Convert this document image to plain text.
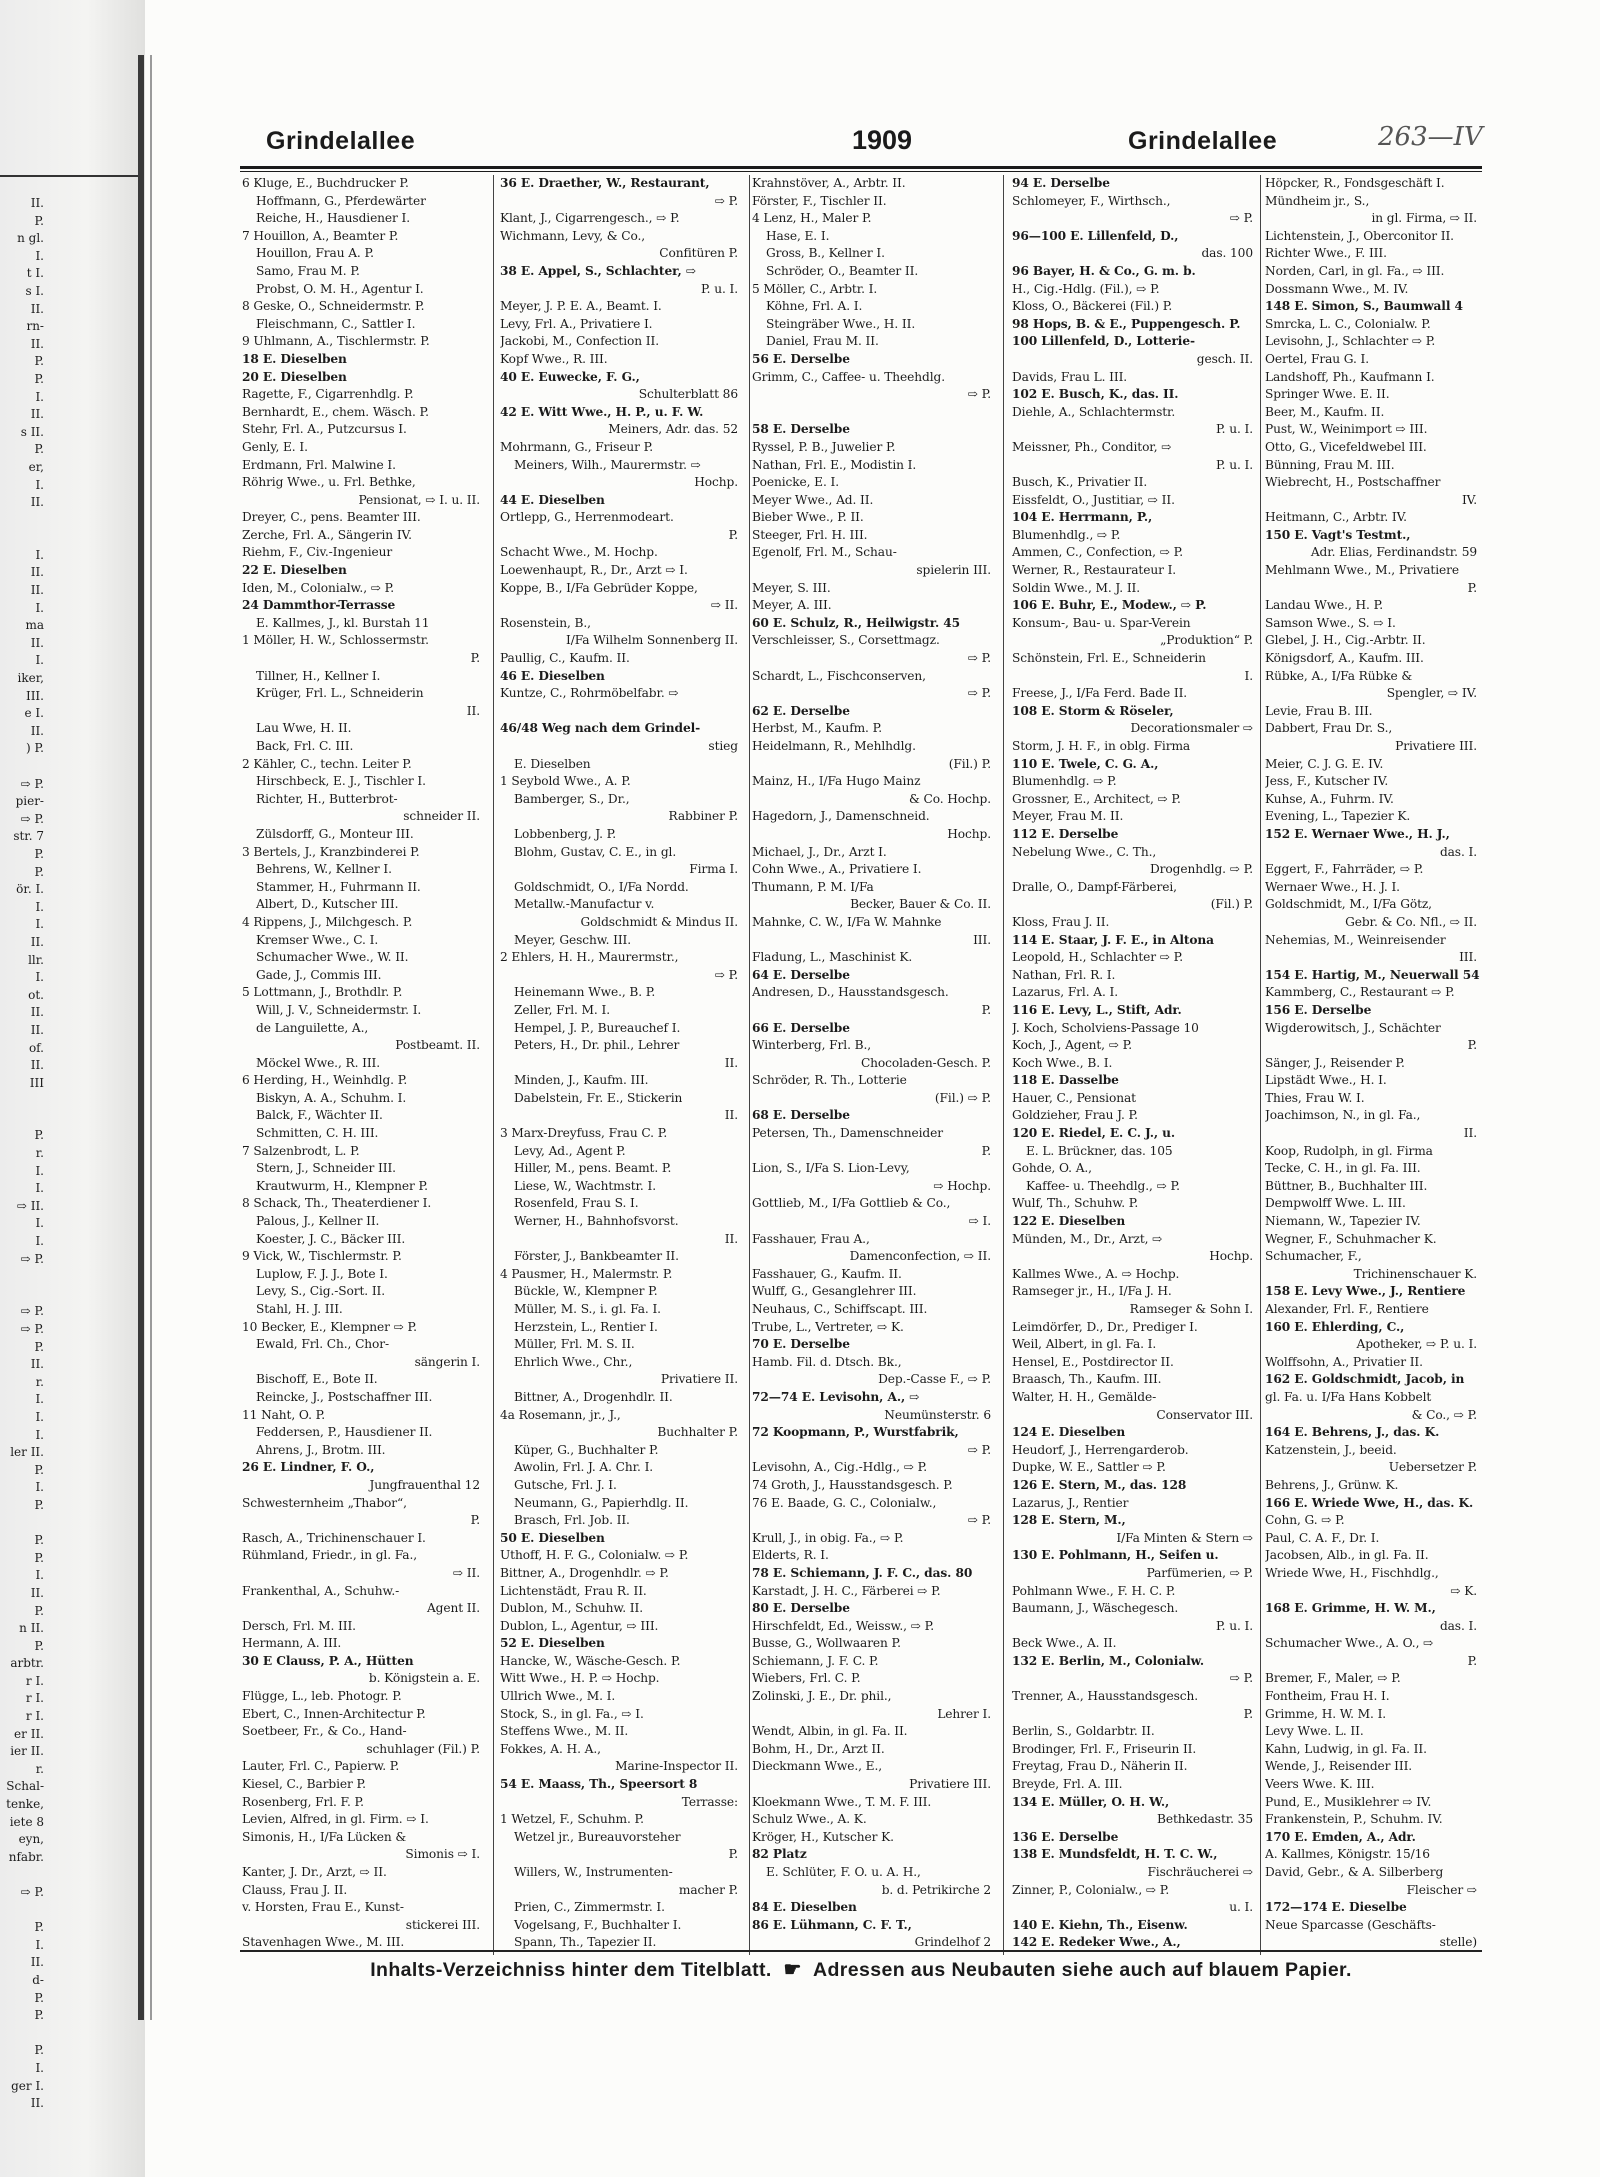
II.
P.
n gl.
I.
t I.
s I.
II.
rn-
II.
P.
P.
I.
II.
s II.
P.
er,
I.
II.
I.
II.
II.
I.
ma
II.
I.
iker,
III.
e I.
II.
) P.
⇨ P.
pier-
⇨ P.
str. 7
P.
P.
ör. I.
I.
I.
II.
llr.
I.
ot.
II.
II.
of.
II.
III
P.
r.
I.
I.
⇨ II.
I.
I.
⇨ P.
⇨ P.
⇨ P.
P.
II.
r.
I.
I.
I.
ler II.
P.
I.
P.
P.
P.
I.
II.
P.
n II.
P.
arbtr.
r I.
r I.
r I.
er II.
ier II.
r.
Schal-
tenke,
iete 8
eyn,
nfabr.
⇨ P.
P.
I.
II.
d-
P.
P.
P.
I.
ger I.
II.
Grindelallee	1909	Grindelallee	263—IV
6 Kluge, E., Buchdrucker P.
Hoffmann, G., Pferdewärter
Reiche, H., Hausdiener I.
7 Houillon, A., Beamter P.
Houillon, Frau A. P.
Samo, Frau M. P.
Probst, O. M. H., Agentur I.
8 Geske, O., Schneidermstr. P.
Fleischmann, C., Sattler I.
9 Uhlmann, A., Tischlermstr. P.
18 E. Dieselben
20 E. Dieselben
Ragette, F., Cigarrenhdlg. P.
Bernhardt, E., chem. Wäsch. P.
Stehr, Frl. A., Putzcursus I.
Genly, E. I.
Erdmann, Frl. Malwine I.
Röhrig Wwe., u. Frl. Bethke,
Pensionat, ⇨ I. u. II.
Dreyer, C., pens. Beamter III.
Zerche, Frl. A., Sängerin IV.
Riehm, F., Civ.-Ingenieur
22 E. Dieselben
Iden, M., Colonialw., ⇨ P.
24 Dammthor-Terrasse
E. Kallmes, J., kl. Burstah 11
1 Möller, H. W., Schlossermstr.
P.
Tillner, H., Kellner I.
Krüger, Frl. L., Schneiderin
II.
Lau Wwe, H. II.
Back, Frl. C. III.
2 Kähler, C., techn. Leiter P.
Hirschbeck, E. J., Tischler I.
Richter, H., Butterbrot-
schneider II.
Zülsdorff, G., Monteur III.
3 Bertels, J., Kranzbinderei P.
Behrens, W., Kellner I.
Stammer, H., Fuhrmann II.
Albert, D., Kutscher III.
4 Rippens, J., Milchgesch. P.
Kremser Wwe., C. I.
Schumacher Wwe., W. II.
Gade, J., Commis III.
5 Lottmann, J., Brothdlr. P.
Will, J. V., Schneidermstr. I.
de Languilette, A.,
Postbeamt. II.
Möckel Wwe., R. III.
6 Herding, H., Weinhdlg. P.
Biskyn, A. A., Schuhm. I.
Balck, F., Wächter II.
Schmitten, C. H. III.
7 Salzenbrodt, L. P.
Stern, J., Schneider III.
Krautwurm, H., Klempner P.
8 Schack, Th., Theaterdiener I.
Palous, J., Kellner II.
Koester, J. C., Bäcker III.
9 Vick, W., Tischlermstr. P.
Luplow, F. J. J., Bote I.
Levy, S., Cig.-Sort. II.
Stahl, H. J. III.
10 Becker, E., Klempner ⇨ P.
Ewald, Frl. Ch., Chor-
sängerin I.
Bischoff, E., Bote II.
Reincke, J., Postschaffner III.
11 Naht, O. P.
Feddersen, P., Hausdiener II.
Ahrens, J., Brotm. III.
26 E. Lindner, F. O.,
Jungfrauenthal 12
Schwesternheim „Thabor“,
P.
Rasch, A., Trichinenschauer I.
Rühmland, Friedr., in gl. Fa.,
⇨ II.
Frankenthal, A., Schuhw.-
Agent II.
Dersch, Frl. M. III.
Hermann, A. III.
30 E Clauss, P. A., Hütten
b. Königstein a. E.
Flügge, L., leb. Photogr. P.
Ebert, C., Innen-Architectur P.
Soetbeer, Fr., & Co., Hand-
schuhlager (Fil.) P.
Lauter, Frl. C., Papierw. P.
Kiesel, C., Barbier P.
Rosenberg, Frl. F. P.
Levien, Alfred, in gl. Firm. ⇨ I.
Simonis, H., I/Fa Lücken &
Simonis ⇨ I.
Kanter, J. Dr., Arzt, ⇨ II.
Clauss, Frau J. II.
v. Horsten, Frau E., Kunst-
stickerei III.
Stavenhagen Wwe., M. III.
36 E. Draether, W., Restaurant,
⇨ P.
Klant, J., Cigarrengesch., ⇨ P.
Wichmann, Levy, & Co.,
Confitüren P.
38 E. Appel, S., Schlachter, ⇨
P. u. I.
Meyer, J. P. E. A., Beamt. I.
Levy, Frl. A., Privatiere I.
Jackobi, M., Confection II.
Kopf Wwe., R. III.
40 E. Euwecke, F. G.,
Schulterblatt 86
42 E. Witt Wwe., H. P., u. F. W.
Meiners, Adr. das. 52
Mohrmann, G., Friseur P.
Meiners, Wilh., Maurermstr. ⇨
Hochp.
44 E. Dieselben
Ortlepp, G., Herrenmodeart.
P.
Schacht Wwe., M. Hochp.
Loewenhaupt, R., Dr., Arzt ⇨ I.
Koppe, B., I/Fa Gebrüder Koppe,
⇨ II.
Rosenstein, B.,
I/Fa Wilhelm Sonnenberg II.
Paullig, C., Kaufm. II.
46 E. Dieselben
Kuntze, C., Rohrmöbelfabr. ⇨
46/48 Weg nach dem Grindel-
stieg
E. Dieselben
1 Seybold Wwe., A. P.
Bamberger, S., Dr.,
Rabbiner P.
Lobbenberg, J. P.
Blohm, Gustav, C. E., in gl.
Firma I.
Goldschmidt, O., I/Fa Nordd.
Metallw.-Manufactur v.
Goldschmidt & Mindus II.
Meyer, Geschw. III.
2 Ehlers, H. H., Maurermstr.,
⇨ P.
Heinemann Wwe., B. P.
Zeller, Frl. M. I.
Hempel, J. P., Bureauchef I.
Peters, H., Dr. phil., Lehrer
II.
Minden, J., Kaufm. III.
Dabelstein, Fr. E., Stickerin
II.
3 Marx-Dreyfuss, Frau C. P.
Levy, Ad., Agent P.
Hiller, M., pens. Beamt. P.
Liese, W., Wachtmstr. I.
Rosenfeld, Frau S. I.
Werner, H., Bahnhofsvorst.
II.
Förster, J., Bankbeamter II.
4 Pausmer, H., Malermstr. P.
Bückle, W., Klempner P.
Müller, M. S., i. gl. Fa. I.
Herzstein, L., Rentier I.
Müller, Frl. M. S. II.
Ehrlich Wwe., Chr.,
Privatiere II.
Bittner, A., Drogenhdlr. II.
4a Rosemann, jr., J.,
Buchhalter P.
Küper, G., Buchhalter P.
Awolin, Frl. J. A. Chr. I.
Gutsche, Frl. J. I.
Neumann, G., Papierhdlg. II.
Brasch, Frl. Job. II.
50 E. Dieselben
Uthoff, H. F. G., Colonialw. ⇨ P.
Bittner, A., Drogenhdlr. ⇨ P.
Lichtenstädt, Frau R. II.
Dublon, M., Schuhw. II.
Dublon, L., Agentur, ⇨ III.
52 E. Dieselben
Hancke, W., Wäsche-Gesch. P.
Witt Wwe., H. P. ⇨ Hochp.
Ullrich Wwe., M. I.
Stock, S., in gl. Fa., ⇨ I.
Steffens Wwe., M. II.
Fokkes, A. H. A.,
Marine-Inspector II.
54 E. Maass, Th., Speersort 8
Terrasse:
1 Wetzel, F., Schuhm. P.
Wetzel jr., Bureauvorsteher
P.
Willers, W., Instrumenten-
macher P.
Prien, C., Zimmermstr. I.
Vogelsang, F., Buchhalter I.
Spann, Th., Tapezier II.
Krahnstöver, A., Arbtr. II.
Förster, F., Tischler II.
4 Lenz, H., Maler P.
Hase, E. I.
Gross, B., Kellner I.
Schröder, O., Beamter II.
5 Möller, C., Arbtr. I.
Köhne, Frl. A. I.
Steingräber Wwe., H. II.
Daniel, Frau M. II.
56 E. Derselbe
Grimm, C., Caffee- u. Theehdlg.
⇨ P.
58 E. Derselbe
Ryssel, P. B., Juwelier P.
Nathan, Frl. E., Modistin I.
Poenicke, E. I.
Meyer Wwe., Ad. II.
Bieber Wwe., P. II.
Steeger, Frl. H. III.
Egenolf, Frl. M., Schau-
spielerin III.
Meyer, S. III.
Meyer, A. III.
60 E. Schulz, R., Heilwigstr. 45
Verschleisser, S., Corsettmagz.
⇨ P.
Schardt, L., Fischconserven,
⇨ P.
62 E. Derselbe
Herbst, M., Kaufm. P.
Heidelmann, R., Mehlhdlg.
(Fil.) P.
Mainz, H., I/Fa Hugo Mainz
& Co. Hochp.
Hagedorn, J., Damenschneid.
Hochp.
Michael, J., Dr., Arzt I.
Cohn Wwe., A., Privatiere I.
Thumann, P. M. I/Fa
Becker, Bauer & Co. II.
Mahnke, C. W., I/Fa W. Mahnke
III.
Fladung, L., Maschinist K.
64 E. Derselbe
Andresen, D., Hausstandsgesch.
P.
66 E. Derselbe
Winterberg, Frl. B.,
Chocoladen-Gesch. P.
Schröder, R. Th., Lotterie
(Fil.) ⇨ P.
68 E. Derselbe
Petersen, Th., Damenschneider
P.
Lion, S., I/Fa S. Lion-Levy,
⇨ Hochp.
Gottlieb, M., I/Fa Gottlieb & Co.,
⇨ I.
Fasshauer, Frau A.,
Damenconfection, ⇨ II.
Fasshauer, G., Kaufm. II.
Wulff, G., Gesanglehrer III.
Neuhaus, C., Schiffscapt. III.
Trube, L., Vertreter, ⇨ K.
70 E. Derselbe
Hamb. Fil. d. Dtsch. Bk.,
Dep.-Casse F., ⇨ P.
72—74 E. Levisohn, A., ⇨
Neumünsterstr. 6
72 Koopmann, P., Wurstfabrik,
⇨ P.
Levisohn, A., Cig.-Hdlg., ⇨ P.
74 Groth, J., Hausstandsgesch. P.
76 E. Baade, G. C., Colonialw.,
⇨ P.
Krull, J., in obig. Fa., ⇨ P.
Elderts, R. I.
78 E. Schiemann, J. F. C., das. 80
Karstadt, J. H. C., Färberei ⇨ P.
80 E. Derselbe
Hirschfeldt, Ed., Weissw., ⇨ P.
Busse, G., Wollwaaren P.
Schiemann, J. F. C. P.
Wiebers, Frl. C. P.
Zolinski, J. E., Dr. phil.,
Lehrer I.
Wendt, Albin, in gl. Fa. II.
Bohm, H., Dr., Arzt II.
Dieckmann Wwe., E.,
Privatiere III.
Kloekmann Wwe., T. M. F. III.
Schulz Wwe., A. K.
Kröger, H., Kutscher K.
82 Platz
E. Schlüter, F. O. u. A. H.,
b. d. Petrikirche 2
84 E. Dieselben
86 E. Lühmann, C. F. T.,
Grindelhof 2
94 E. Derselbe
Schlomeyer, F., Wirthsch.,
⇨ P.
96—100 E. Lillenfeld, D.,
das. 100
96 Bayer, H. & Co., G. m. b.
H., Cig.-Hdlg. (Fil.), ⇨ P.
Kloss, O., Bäckerei (Fil.) P.
98 Hops, B. & E., Puppengesch. P.
100 Lillenfeld, D., Lotterie-
gesch. II.
Davids, Frau L. III.
102 E. Busch, K., das. II.
Diehle, A., Schlachtermstr.
P. u. I.
Meissner, Ph., Conditor, ⇨
P. u. I.
Busch, K., Privatier II.
Eissfeldt, O., Justitiar, ⇨ II.
104 E. Herrmann, P.,
Blumenhdlg., ⇨ P.
Ammen, C., Confection, ⇨ P.
Werner, R., Restaurateur I.
Soldin Wwe., M. J. II.
106 E. Buhr, E., Modew., ⇨ P.
Konsum-, Bau- u. Spar-Verein
„Produktion“ P.
Schönstein, Frl. E., Schneiderin
I.
Freese, J., I/Fa Ferd. Bade II.
108 E. Storm & Röseler,
Decorationsmaler ⇨
Storm, J. H. F., in oblg. Firma
110 E. Twele, C. G. A.,
Blumenhdlg. ⇨ P.
Grossner, E., Architect, ⇨ P.
Meyer, Frau M. II.
112 E. Derselbe
Nebelung Wwe., C. Th.,
Drogenhdlg. ⇨ P.
Dralle, O., Dampf-Färberei,
(Fil.) P.
Kloss, Frau J. II.
114 E. Staar, J. F. E., in Altona
Leopold, H., Schlachter ⇨ P.
Nathan, Frl. R. I.
Lazarus, Frl. A. I.
116 E. Levy, L., Stift, Adr.
J. Koch, Scholviens-Passage 10
Koch, J., Agent, ⇨ P.
Koch Wwe., B. I.
118 E. Dasselbe
Hauer, C., Pensionat
Goldzieher, Frau J. P.
120 E. Riedel, E. C. J., u.
E. L. Brückner, das. 105
Gohde, O. A.,
Kaffee- u. Theehdlg., ⇨ P.
Wulf, Th., Schuhw. P.
122 E. Dieselben
Münden, M., Dr., Arzt, ⇨
Hochp.
Kallmes Wwe., A. ⇨ Hochp.
Ramseger jr., H., I/Fa J. H.
Ramseger & Sohn I.
Leimdörfer, D., Dr., Prediger I.
Weil, Albert, in gl. Fa. I.
Hensel, E., Postdirector II.
Braasch, Th., Kaufm. III.
Walter, H. H., Gemälde-
Conservator III.
124 E. Dieselben
Heudorf, J., Herrengarderob.
Dupke, W. E., Sattler ⇨ P.
126 E. Stern, M., das. 128
Lazarus, J., Rentier
128 E. Stern, M.,
I/Fa Minten & Stern ⇨
130 E. Pohlmann, H., Seifen u.
Parfümerien, ⇨ P.
Pohlmann Wwe., F. H. C. P.
Baumann, J., Wäschegesch.
P. u. I.
Beck Wwe., A. II.
132 E. Berlin, M., Colonialw.
⇨ P.
Trenner, A., Hausstandsgesch.
P.
Berlin, S., Goldarbtr. II.
Brodinger, Frl. F., Friseurin II.
Freytag, Frau D., Näherin II.
Breyde, Frl. A. III.
134 E. Müller, O. H. W.,
Bethkedastr. 35
136 E. Derselbe
138 E. Mundsfeldt, H. T. C. W.,
Fischräucherei ⇨
Zinner, P., Colonialw., ⇨ P.
u. I.
140 E. Kiehn, Th., Eisenw.
142 E. Redeker Wwe., A.,
Höpcker, R., Fondsgeschäft I.
Mündheim jr., S.,
in gl. Firma, ⇨ II.
Lichtenstein, J., Oberconitor II.
Richter Wwe., F. III.
Norden, Carl, in gl. Fa., ⇨ III.
Dossmann Wwe., M. IV.
148 E. Simon, S., Baumwall 4
Smrcka, L. C., Colonialw. P.
Levisohn, J., Schlachter ⇨ P.
Oertel, Frau G. I.
Landshoff, Ph., Kaufmann I.
Springer Wwe. E. II.
Beer, M., Kaufm. II.
Pust, W., Weinimport ⇨ III.
Otto, G., Vicefeldwebel III.
Bünning, Frau M. III.
Wiebrecht, H., Postschaffner
IV.
Heitmann, C., Arbtr. IV.
150 E. Vagt's Testmt.,
Adr. Elias, Ferdinandstr. 59
Mehlmann Wwe., M., Privatiere
P.
Landau Wwe., H. P.
Samson Wwe., S. ⇨ I.
Glebel, J. H., Cig.-Arbtr. II.
Königsdorf, A., Kaufm. III.
Rübke, A., I/Fa Rübke &
Spengler, ⇨ IV.
Levie, Frau B. III.
Dabbert, Frau Dr. S.,
Privatiere III.
Meier, C. J. G. E. IV.
Jess, F., Kutscher IV.
Kuhse, A., Fuhrm. IV.
Evening, L., Tapezier K.
152 E. Wernaer Wwe., H. J.,
das. I.
Eggert, F., Fahrräder, ⇨ P.
Wernaer Wwe., H. J. I.
Goldschmidt, M., I/Fa Götz,
Gebr. & Co. Nfl., ⇨ II.
Nehemias, M., Weinreisender
III.
154 E. Hartig, M., Neuerwall 54
Kammberg, C., Restaurant ⇨ P.
156 E. Derselbe
Wigderowitsch, J., Schächter
P.
Sänger, J., Reisender P.
Lipstädt Wwe., H. I.
Thies, Frau W. I.
Joachimson, N., in gl. Fa.,
II.
Koop, Rudolph, in gl. Firma
Tecke, C. H., in gl. Fa. III.
Büttner, B., Buchhalter III.
Dempwolff Wwe. L. III.
Niemann, W., Tapezier IV.
Wegner, F., Schuhmacher K.
Schumacher, F.,
Trichinenschauer K.
158 E. Levy Wwe., J., Rentiere
Alexander, Frl. F., Rentiere
160 E. Ehlerding, C.,
Apotheker, ⇨ P. u. I.
Wolffsohn, A., Privatier II.
162 E. Goldschmidt, Jacob, in
gl. Fa. u. I/Fa Hans Kobbelt
& Co., ⇨ P.
164 E. Behrens, J., das. K.
Katzenstein, J., beeid.
Uebersetzer P.
Behrens, J., Grünw. K.
166 E. Wriede Wwe, H., das. K.
Cohn, G. ⇨ P.
Paul, C. A. F., Dr. I.
Jacobsen, Alb., in gl. Fa. II.
Wriede Wwe, H., Fischhdlg.,
⇨ K.
168 E. Grimme, H. W. M.,
das. I.
Schumacher Wwe., A. O., ⇨
P.
Bremer, F., Maler, ⇨ P.
Fontheim, Frau H. I.
Grimme, H. W. M. I.
Levy Wwe. L. II.
Kahn, Ludwig, in gl. Fa. II.
Wende, J., Reisender III.
Veers Wwe. K. III.
Pund, E., Musiklehrer ⇨ IV.
Frankenstein, P., Schuhm. IV.
170 E. Emden, A., Adr.
A. Kallmes, Königstr. 15/16
David, Gebr., & A. Silberberg
Fleischer ⇨
172—174 E. Dieselbe
Neue Sparcasse (Geschäfts-
stelle)
Inhalts-Verzeichniss hinter dem Titelblatt. ☛ Adressen aus Neubauten siehe auch auf blauem Papier.
